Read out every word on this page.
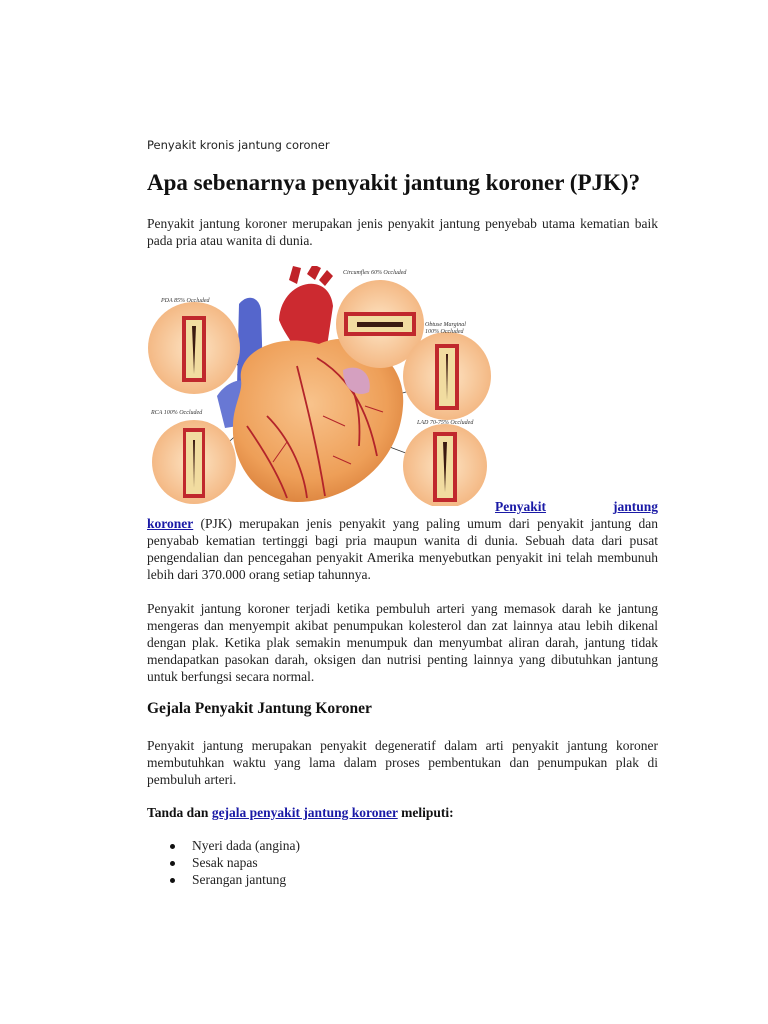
Penyakit kronis jantung coroner
Apa sebenarnya penyakit jantung koroner (PJK)?

Penyakit jantung koroner merupakan jenis penyakit jantung penyebab utama kematian baik pada pria atau wanita di dunia.

Circumflex 60% Occluded
PDA 85% Occluded
Obtuse Marginal
100% Occluded
RCA 100% Occluded
LAD 70-75% Occluded
Penyakit	jantung
koroner (PJK) merupakan jenis penyakit yang paling umum dari penyakit jantung dan penyabab kematian tertinggi bagi pria maupun wanita di dunia. Sebuah data dari pusat pengendalian dan pencegahan penyakit Amerika menyebutkan penyakit ini telah membunuh lebih dari 370.000 orang setiap tahunnya.

Penyakit jantung koroner terjadi ketika pembuluh arteri yang memasok darah ke jantung mengeras dan menyempit akibat penumpukan kolesterol dan zat lainnya atau lebih dikenal dengan plak. Ketika plak semakin menumpuk dan menyumbat aliran darah, jantung tidak mendapatkan pasokan darah, oksigen dan nutrisi penting lainnya yang dibutuhkan jantung untuk berfungsi secara normal.

Gejala Penyakit Jantung Koroner

Penyakit jantung merupakan penyakit degeneratif dalam arti penyakit jantung koroner membutuhkan waktu yang lama dalam proses pembentukan dan penumpukan plak di pembuluh arteri.

Tanda dan gejala penyakit jantung koroner meliputi:

Nyeri dada (angina)
Sesak napas
Serangan jantung
